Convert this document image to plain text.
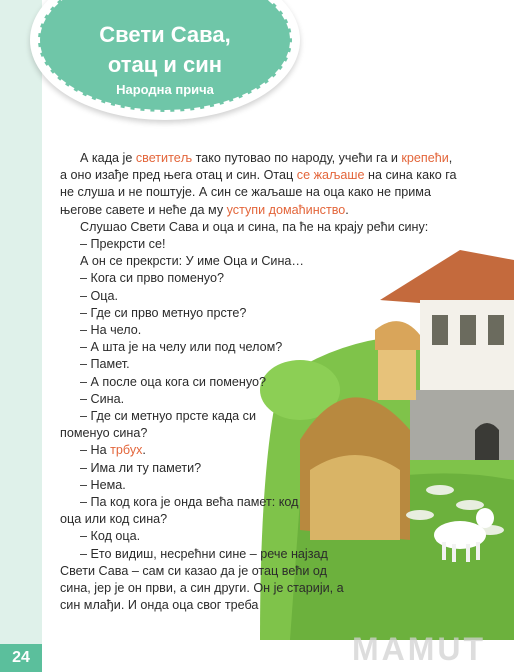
Свети Сава,
отац и син
Народна прича

А када је светитељ тако путовао по народу, учећи га и крепећи, а оно изађе пред њега отац и син. Отац се жаљаше на сина како га не слуша и не поштује. А син се жаљаше на оца како не прима његове савете и неће да му уступи домаћинство.

Слушао Свети Сава и оца и сина, па ће на крају рећи сину:

– Прекрсти се!

А он се прекрсти: У име Оца и Сина…

– Кога си прво поменуо?

– Оца.

– Где си прво метнуо прсте?

– На чело.

– А шта је на челу или под челом?

– Памет.

– А после оца кога си поменуо?

– Сина.

– Где си метнуо прсте када си поменуо сина?

– На трбух.

– Има ли ту памети?

– Нема.

– Па код кога је онда већа памет: код оца или код сина?

– Код оца.

– Ето видиш, несрећни сине – рече најзад Свети Сава – сам си казао да је отац већи од сина, јер је он први, а син други. Он је старији, а син млађи. И онда оца свог треба

24	MAMUT
